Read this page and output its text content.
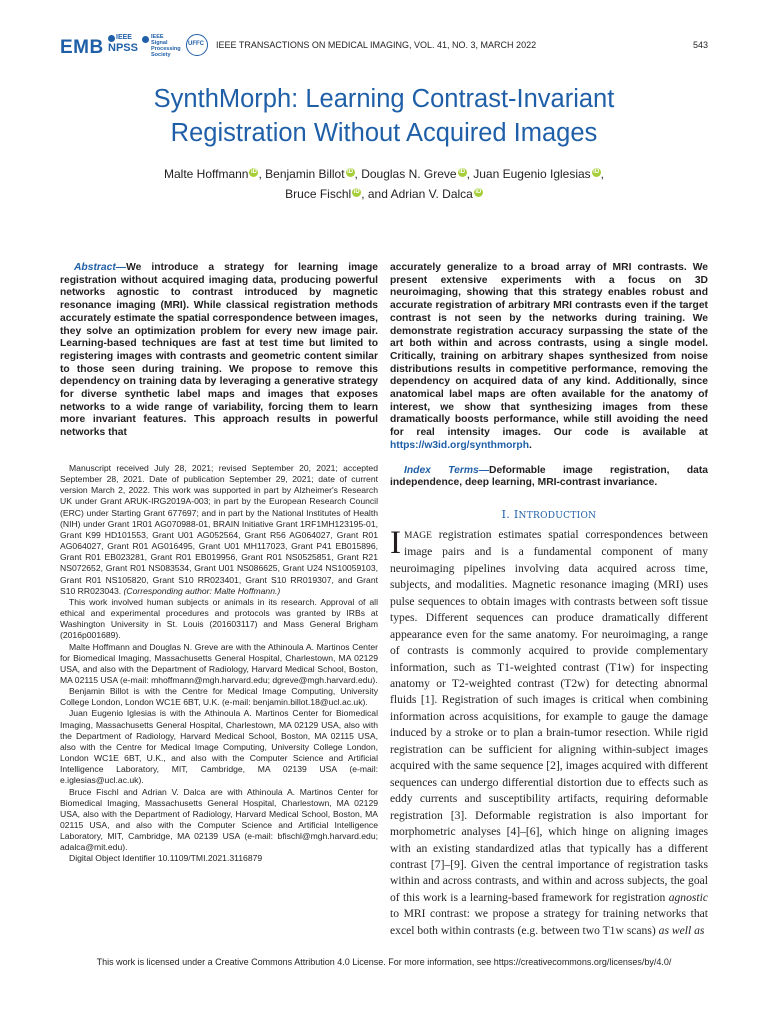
EMB IEEE
NPSS
IEEE
Signal Processing Society
UFFC IEEE TRANSACTIONS ON MEDICAL IMAGING, VOL. 41, NO. 3, MARCH 2022	543
SynthMorph: Learning Contrast-Invariant
Registration Without Acquired Images
Malte Hoffmann iD , Benjamin Billot iD , Douglas N. Greve iD , Juan Eugenio Iglesias iD ,
Bruce Fischl iD , and Adrian V. Dalca iD

Abstract—We introduce a strategy for learning image registration without acquired imaging data, producing powerful networks agnostic to contrast introduced by magnetic resonance imaging (MRI). While classical registration methods accurately estimate the spatial correspondence between images, they solve an optimization problem for every new image pair. Learning-based techniques are fast at test time but limited to registering images with contrasts and geometric content similar to those seen during training. We propose to remove this dependency on training data by leveraging a generative strategy for diverse synthetic label maps and images that exposes networks to a wide range of variability, forcing them to learn more invariant features. This approach results in powerful networks that

Manuscript received July 28, 2021; revised September 20, 2021; accepted September 28, 2021. Date of publication September 29, 2021; date of current version March 2, 2022. This work was supported in part by Alzheimer's Research UK under Grant ARUK-IRG2019A-003; in part by the European Research Council (ERC) under Starting Grant 677697; and in part by the National Institutes of Health (NIH) under Grant 1R01 AG070988-01, BRAIN Initiative Grant 1RF1MH123195-01, Grant K99 HD101553, Grant U01 AG052564, Grant R56 AG064027, Grant R01 AG064027, Grant R01 AG016495, Grant U01 MH117023, Grant P41 EB015896, Grant R01 EB023281, Grant R01 EB019956, Grant R01 NS0525851, Grant R21 NS072652, Grant R01 NS083534, Grant U01 NS086625, Grant U24 NS10059103, Grant R01 NS105820, Grant S10 RR023401, Grant S10 RR019307, and Grant S10 RR023043. (Corresponding author: Malte Hoffmann.)

This work involved human subjects or animals in its research. Approval of all ethical and experimental procedures and protocols was granted by IRBs at Washington University in St. Louis (201603117) and Mass General Brigham (2016p001689).

Malte Hoffmann and Douglas N. Greve are with the Athinoula A. Martinos Center for Biomedical Imaging, Massachusetts General Hospital, Charlestown, MA 02129 USA, and also with the Department of Radiology, Harvard Medical School, Boston, MA 02115 USA (e-mail: mhoffmann@mgh.harvard.edu; dgreve@mgh.harvard.edu).

Benjamin Billot is with the Centre for Medical Image Computing, University College London, London WC1E 6BT, U.K. (e-mail: benjamin.billot.18@ucl.ac.uk).

Juan Eugenio Iglesias is with the Athinoula A. Martinos Center for Biomedical Imaging, Massachusetts General Hospital, Charlestown, MA 02129 USA, also with the Department of Radiology, Harvard Medical School, Boston, MA 02115 USA, also with the Centre for Medical Image Computing, University College London, London WC1E 6BT, U.K., and also with the Computer Science and Artificial Intelligence Laboratory, MIT, Cambridge, MA 02139 USA (e-mail: e.iglesias@ucl.ac.uk).

Bruce Fischl and Adrian V. Dalca are with Athinoula A. Martinos Center for Biomedical Imaging, Massachusetts General Hospital, Charlestown, MA 02129 USA, also with the Department of Radiology, Harvard Medical School, Boston, MA 02115 USA, and also with the Computer Science and Artificial Intelligence Laboratory, MIT, Cambridge, MA 02139 USA (e-mail: bfischl@mgh.harvard.edu; adalca@mit.edu).

Digital Object Identifier 10.1109/TMI.2021.3116879

accurately generalize to a broad array of MRI contrasts. We present extensive experiments with a focus on 3D neuroimaging, showing that this strategy enables robust and accurate registration of arbitrary MRI contrasts even if the target contrast is not seen by the networks during training. We demonstrate registration accuracy surpassing the state of the art both within and across contrasts, using a single model. Critically, training on arbitrary shapes synthesized from noise distributions results in competitive performance, removing the dependency on acquired data of any kind. Additionally, since anatomical label maps are often available for the anatomy of interest, we show that synthesizing images from these dramatically boosts performance, while still avoiding the need for real intensity images. Our code is available at https://w3id.org/synthmorph.

Index Terms—Deformable image registration, data independence, deep learning, MRI-contrast invariance.

I. INTRODUCTION

IMAGE registration estimates spatial correspondences between image pairs and is a fundamental component of many neuroimaging pipelines involving data acquired across time, subjects, and modalities. Magnetic resonance imaging (MRI) uses pulse sequences to obtain images with contrasts between soft tissue types. Different sequences can produce dramatically different appearance even for the same anatomy. For neuroimaging, a range of contrasts is commonly acquired to provide complementary information, such as T1-weighted contrast (T1w) for inspecting anatomy or T2-weighted contrast (T2w) for detecting abnormal fluids [1]. Registration of such images is critical when combining information across acquisitions, for example to gauge the damage induced by a stroke or to plan a brain-tumor resection. While rigid registration can be sufficient for aligning within-subject images acquired with the same sequence [2], images acquired with different sequences can undergo differential distortion due to effects such as eddy currents and susceptibility artifacts, requiring deformable registration [3]. Deformable registration is also important for morphometric analyses [4]–[6], which hinge on aligning images with an existing standardized atlas that typically has a different contrast [7]–[9]. Given the central importance of registration tasks within and across contrasts, and within and across subjects, the goal of this work is a learning-based framework for registration agnostic to MRI contrast: we propose a strategy for training networks that excel both within contrasts (e.g. between two T1w scans) as well as

This work is licensed under a Creative Commons Attribution 4.0 License. For more information, see https://creativecommons.org/licenses/by/4.0/
